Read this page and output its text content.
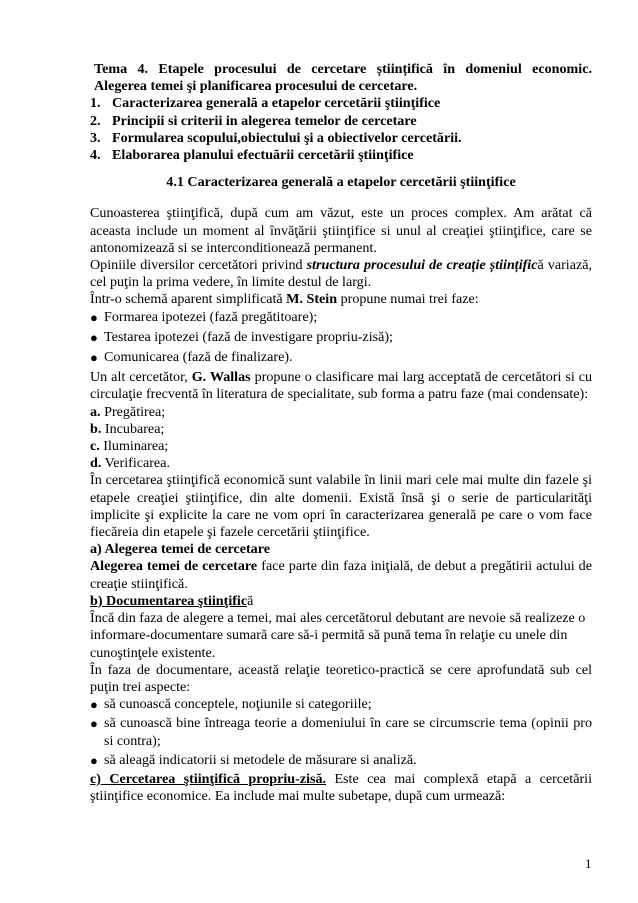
Tema 4. Etapele procesului de cercetare științifică în domeniul economic.
Alegerea temei şi planificarea procesului de cercetare.
1. Caracterizarea generală a etapelor cercetării ştiinţifice
2. Principii si criterii in alegerea temelor de cercetare
3. Formularea scopului,obiectului şi a obiectivelor cercetării.
4. Elaborarea planului efectuării cercetării ştiinţifice
4.1 Caracterizarea generală a etapelor cercetării ştiinţifice

Cunoasterea ştiinţifică, după cum am văzut, este un proces complex. Am arătat că aceasta include un moment al învăţării ştiinţifice si unul al creaţiei ştiinţifice, care se antonomizează si se interconditionează permanent.

Opiniile diversilor cercetători privind structura procesului de creație științifică variază, cel puţin la prima vedere, în limite destul de largi.

Într-o schemă aparent simplificată M. Stein propune numai trei faze:

● Formarea ipotezei (fază pregătitoare);
● Testarea ipotezei (fază de investigare propriu-zisă);
● Comunicarea (fază de finalizare).

Un alt cercetător, G. Wallas propune o clasificare mai larg acceptată de cercetători si cu circulaţie frecventă în literatura de specialitate, sub forma a patru faze (mai condensate):

a. Pregătirea;
b. Incubarea;
c. Iluminarea;
d. Verificarea.

În cercetarea ştiinţifică economică sunt valabile în linii mari cele mai multe din fazele şi etapele creaţiei ştiinţifice, din alte domenii. Există însă şi o serie de particularităţi implicite şi explicite la care ne vom opri în caracterizarea generală pe care o vom face fiecăreia din etapele şi fazele cercetării ştiinţifice.

a) Alegerea temei de cercetare

Alegerea temei de cercetare face parte din faza iniţială, de debut a pregătirii actului de creaţie stiinţifică.

b) Documentarea ştiinţifică

Încă din faza de alegere a temei, mai ales cercetătorul debutant are nevoie să realizeze o informare-documentare sumară care să-i permită să pună tema în relaţie cu unele din cunoştinţele existente.

În faza de documentare, această relaţie teoretico-practică se cere aprofundată sub cel puţin trei aspecte:

● să cunoască conceptele, noţiunile si categoriile;
● să cunoască bine întreaga teorie a domeniului în care se circumscrie tema (opinii pro si contra);
● să aleagă indicatorii si metodele de măsurare si analiză.

c) Cercetarea ştiinţifică propriu-zisă. Este cea mai complexă etapă a cercetării ştiinţifice economice. Ea include mai multe subetape, după cum urmează:

1
